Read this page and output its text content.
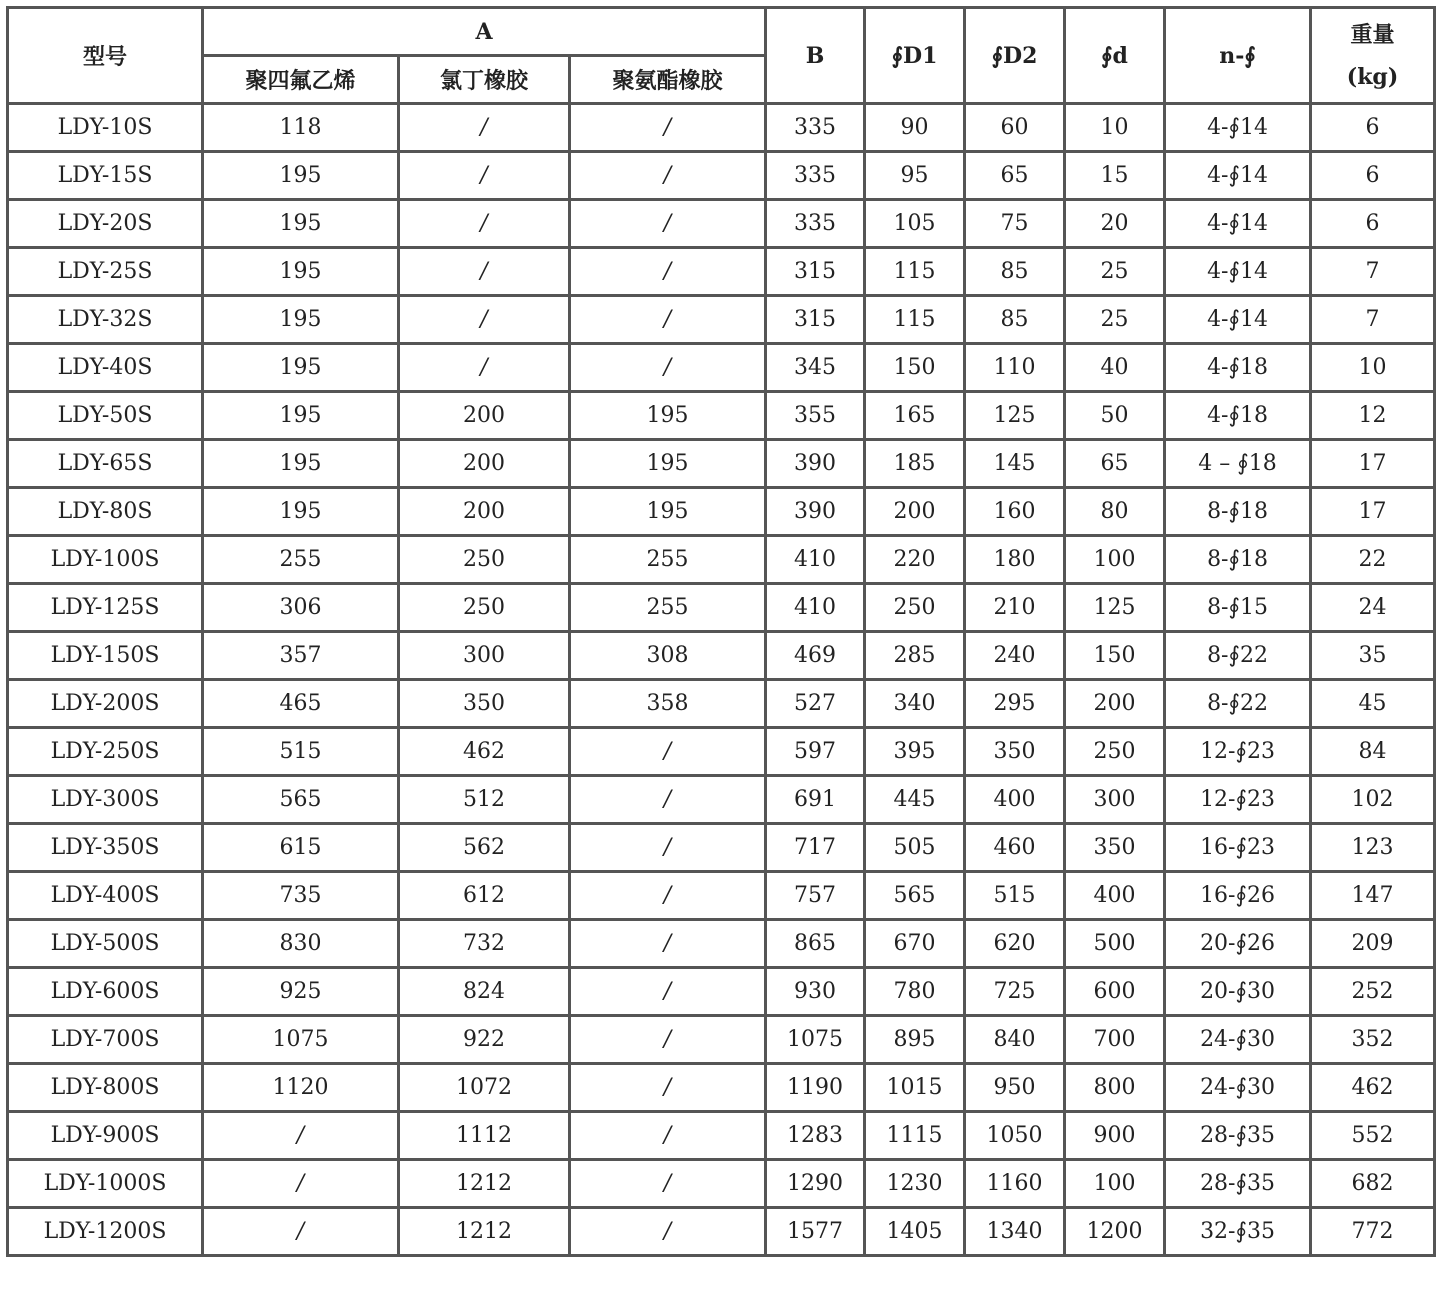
型号	A			B	∮D1	∮D2	∮d	n-∮	重量
(kg)

	聚四氟乙烯	氯丁橡胶	聚氨酯橡胶						
LDY-10S	118	/	/	335	90	60	10	4-∮14	6
LDY-15S	195	/	/	335	95	65	15	4-∮14	6
LDY-20S	195	/	/	335	105	75	20	4-∮14	6
LDY-25S	195	/	/	315	115	85	25	4-∮14	7
LDY-32S	195	/	/	315	115	85	25	4-∮14	7
LDY-40S	195	/	/	345	150	110	40	4-∮18	10
LDY-50S	195	200	195	355	165	125	50	4-∮18	12
LDY-65S	195	200	195	390	185	145	65	4 – ∮18	17
LDY-80S	195	200	195	390	200	160	80	8-∮18	17
LDY-100S	255	250	255	410	220	180	100	8-∮18	22
LDY-125S	306	250	255	410	250	210	125	8-∮15	24
LDY-150S	357	300	308	469	285	240	150	8-∮22	35
LDY-200S	465	350	358	527	340	295	200	8-∮22	45
LDY-250S	515	462	/	597	395	350	250	12-∮23	84
LDY-300S	565	512	/	691	445	400	300	12-∮23	102
LDY-350S	615	562	/	717	505	460	350	16-∮23	123
LDY-400S	735	612	/	757	565	515	400	16-∮26	147
LDY-500S	830	732	/	865	670	620	500	20-∮26	209
LDY-600S	925	824	/	930	780	725	600	20-∮30	252
LDY-700S	1075	922	/	1075	895	840	700	24-∮30	352
LDY-800S	1120	1072	/	1190	1015	950	800	24-∮30	462
LDY-900S	/	1112	/	1283	1115	1050	900	28-∮35	552
LDY-1000S	/	1212	/	1290	1230	1160	100	28-∮35	682
LDY-1200S	/	1212	/	1577	1405	1340	1200	32-∮35	772
